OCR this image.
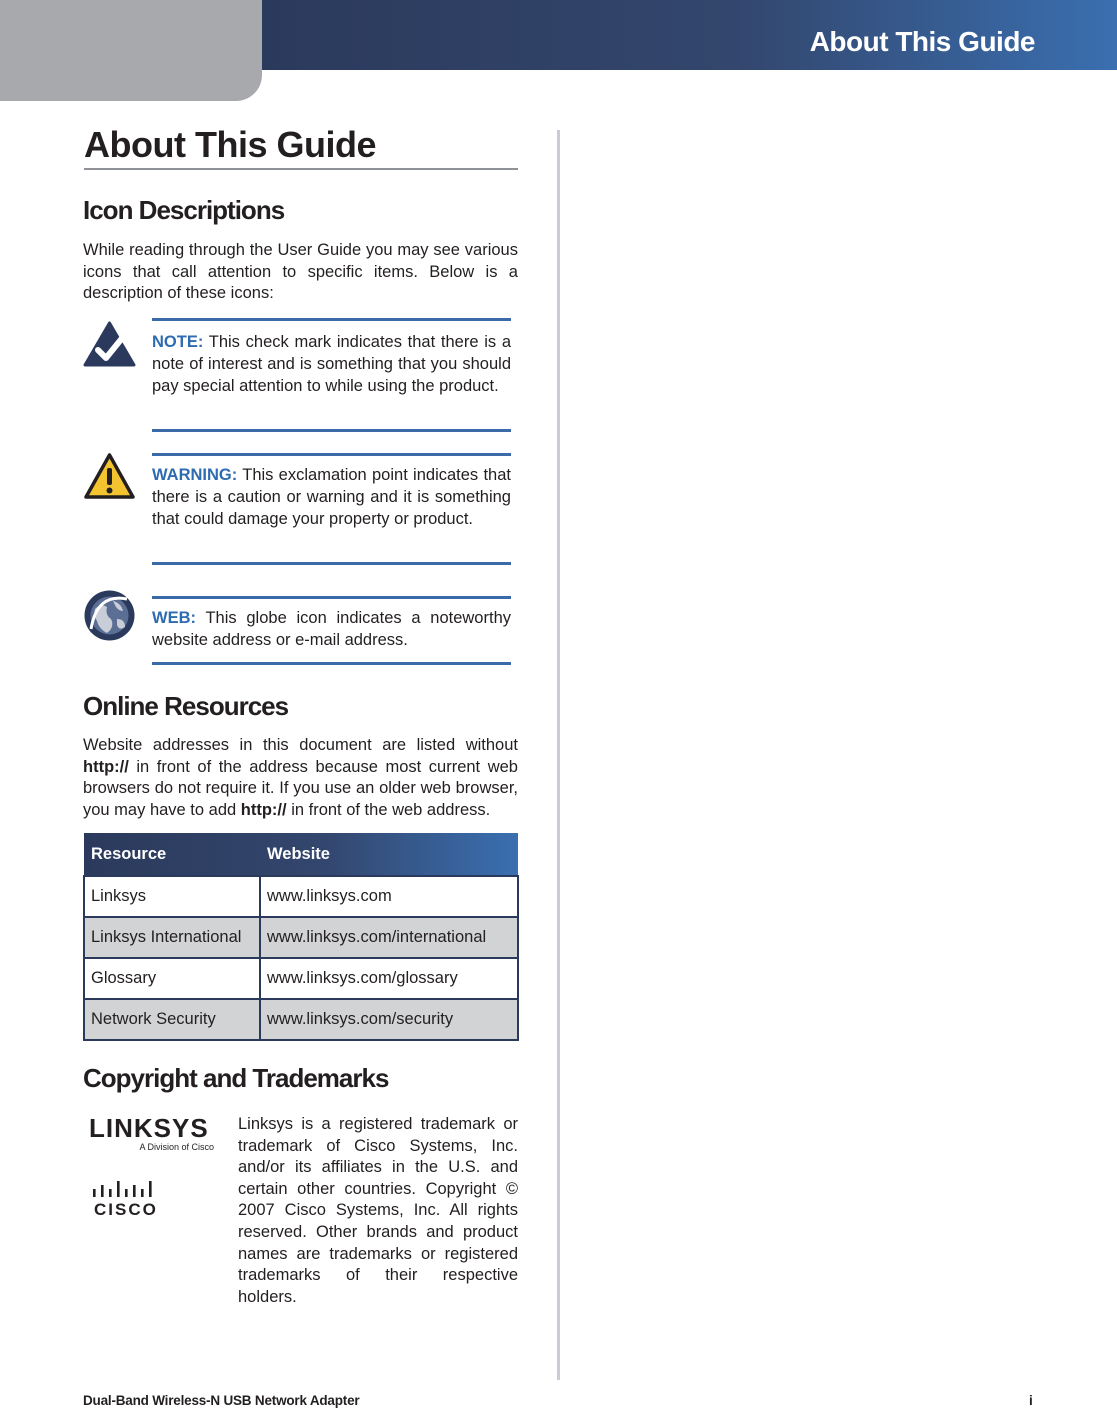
About This Guide
About This Guide
Icon Descriptions

While reading through the User Guide you may see various icons that call attention to specific items. Below is a description of these icons:

NOTE: This check mark indicates that there is a note of interest and is something that you should pay special attention to while using the product.

WARNING: This exclamation point indicates that there is a caution or warning and it is something that could damage your property or product.

WEB: This globe icon indicates a noteworthy website address or e-mail address.

Online Resources

Website addresses in this document are listed without http:// in front of the address because most current web browsers do not require it. If you use an older web browser, you may have to add http:// in front of the web address.

Resource	Website
Linksys	www.linksys.com
Linksys International	www.linksys.com/international
Glossary	www.linksys.com/glossary
Network Security	www.linksys.com/security
Copyright and Trademarks
LINKSYS
A Division of Cisco
CISCO

Linksys is a registered trademark or trademark of Cisco Systems, Inc. and/or its affiliates in the U.S. and certain other countries. Copyright © 2007 Cisco Systems, Inc. All rights reserved. Other brands and product names are trademarks or registered trademarks of their respective holders.

Dual-Band Wireless-N USB Network Adapter	i
